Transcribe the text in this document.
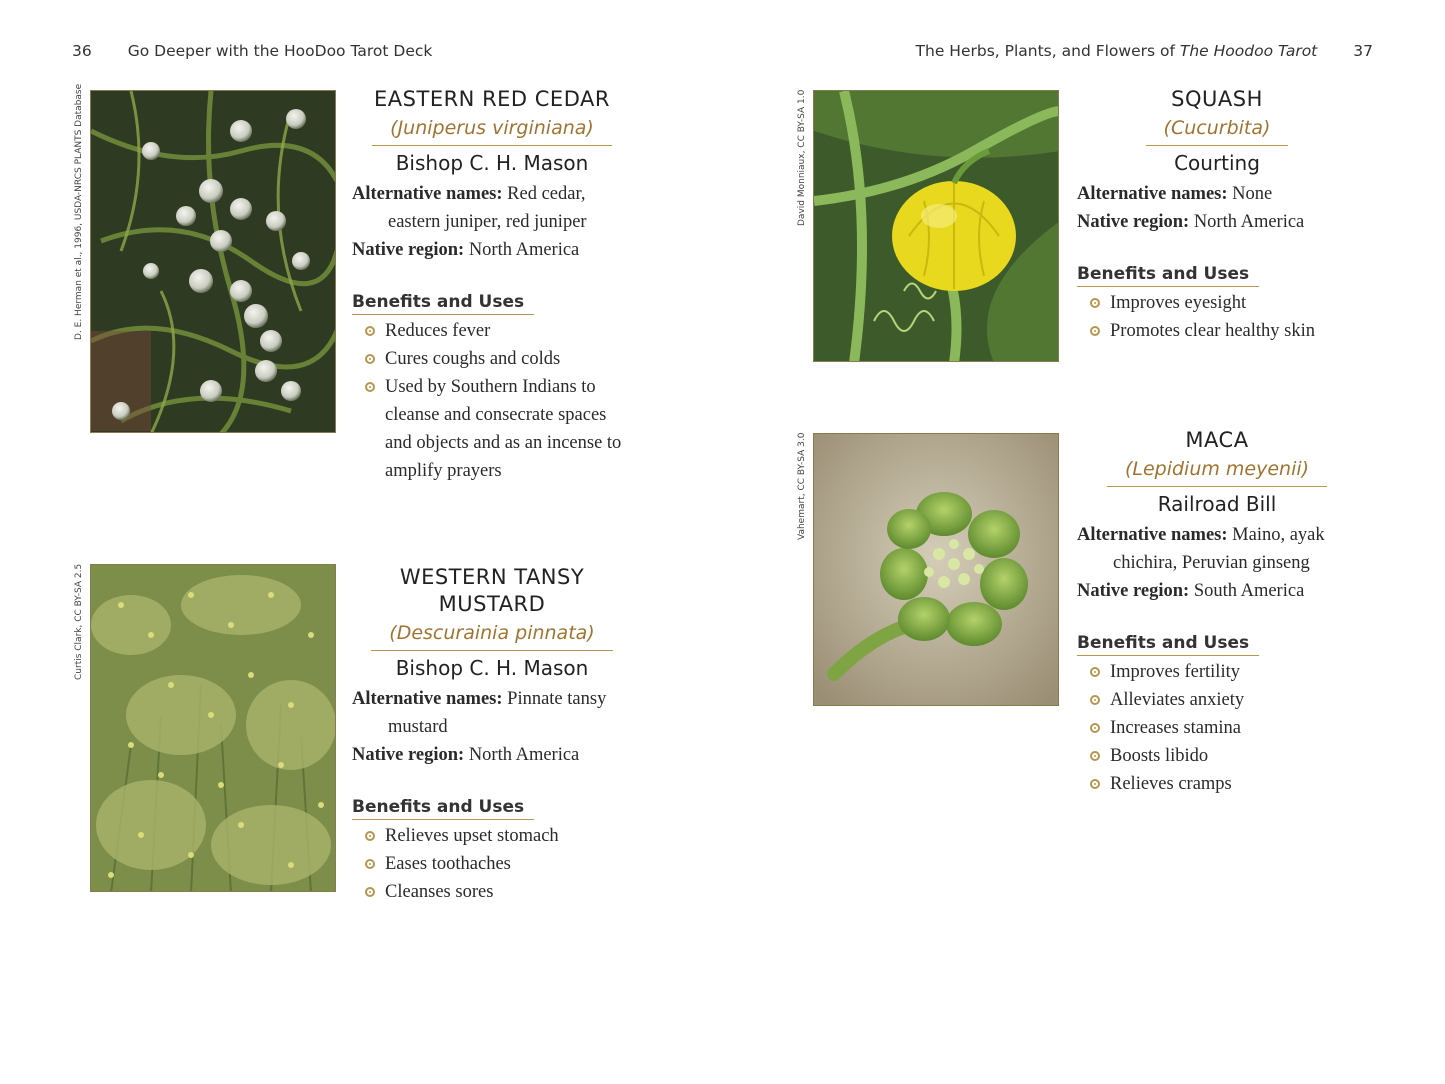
36 Go Deeper with the HooDoo Tarot Deck	The Herbs, Plants, and Flowers of The Hoodoo Tarot 37
D. E. Herman et al., 1996, USDA-NRCS PLANTS Database	EASTERN RED CEDAR
(Juniperus virginiana)
Bishop C. H. Mason
Alternative names: Red cedar, eastern juniper, red juniper
Native region: North America
Benefits and Uses
Reduces fever
Cures coughs and colds
Used by Southern Indians to cleanse and consecrate spaces and objects and as an incense to amplify prayers
Curtis Clark, CC BY-SA 2.5	WESTERN TANSY MUSTARD
(Descurainia pinnata)
Bishop C. H. Mason
Alternative names: Pinnate tansy mustard
Native region: North America
Benefits and Uses
Relieves upset stomach
Eases toothaches
Cleanses sores
David Monniaux, CC BY-SA 1.0	SQUASH
(Cucurbita)
Courting
Alternative names: None
Native region: North America
Benefits and Uses
Improves eyesight
Promotes clear healthy skin
Vahemart, CC BY-SA 3.0	MACA
(Lepidium meyenii)
Railroad Bill
Alternative names: Maino, ayak chichira, Peruvian ginseng
Native region: South America
Benefits and Uses
Improves fertility
Alleviates anxiety
Increases stamina
Boosts libido
Relieves cramps
